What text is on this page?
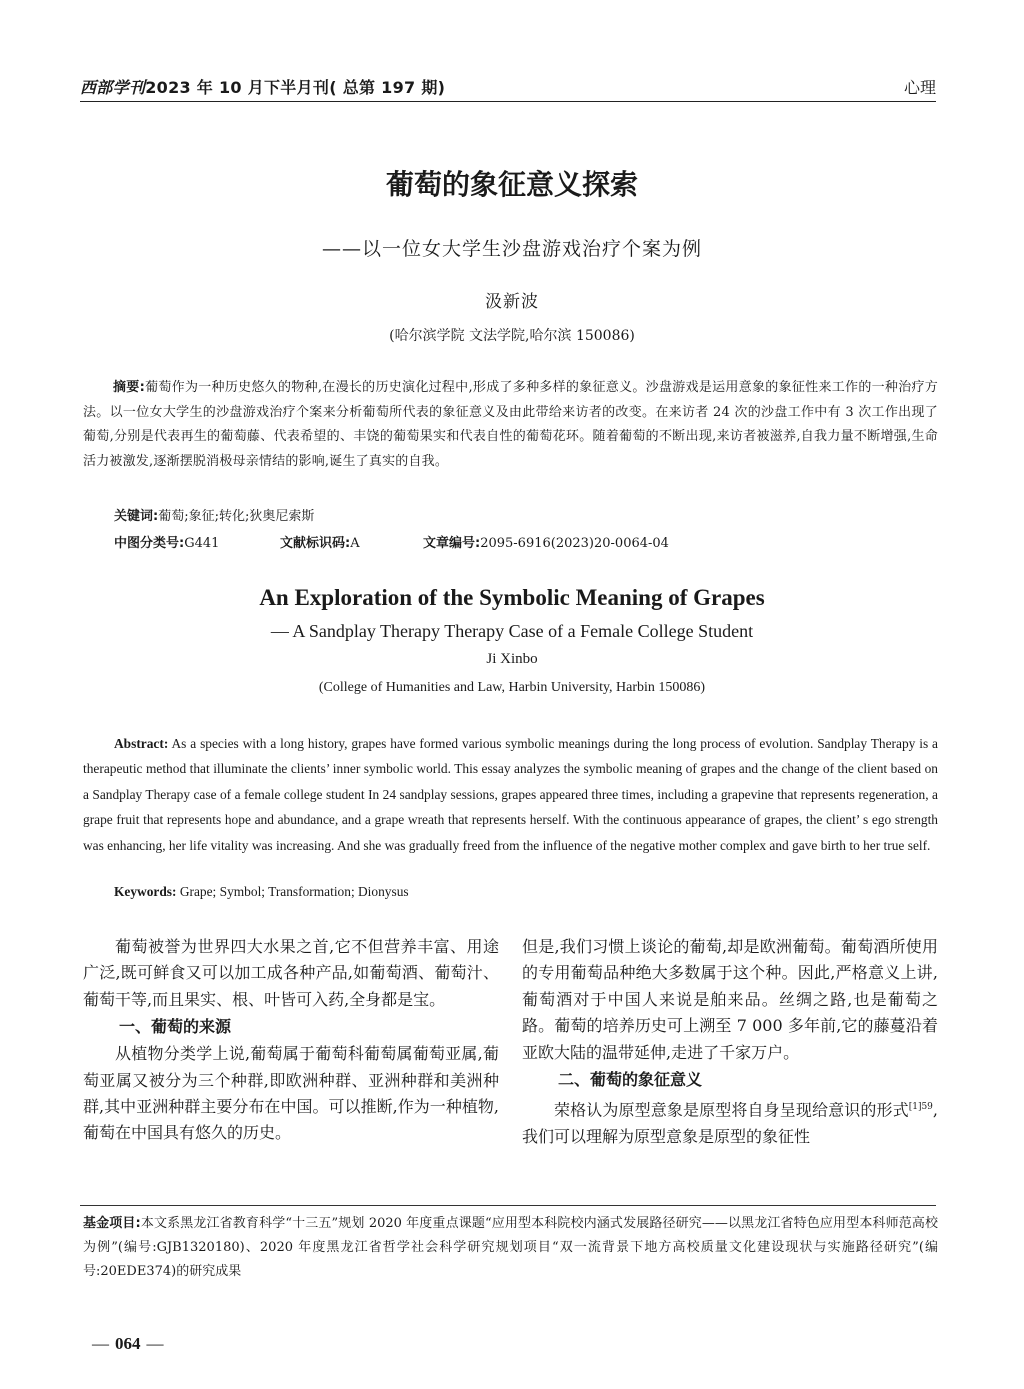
西部学刊2023 年 10 月下半月刊( 总第 197 期)	心理
葡萄的象征意义探索
——以一位女大学生沙盘游戏治疗个案为例
汲新波
(哈尔滨学院 文法学院,哈尔滨 150086)
摘要:葡萄作为一种历史悠久的物种,在漫长的历史演化过程中,形成了多种多样的象征意义。沙盘游戏是运用意象的象征性来工作的一种治疗方法。以一位女大学生的沙盘游戏治疗个案来分析葡萄所代表的象征意义及由此带给来访者的改变。在来访者 24 次的沙盘工作中有 3 次工作出现了葡萄,分别是代表再生的葡萄藤、代表希望的、丰饶的葡萄果实和代表自性的葡萄花环。随着葡萄的不断出现,来访者被滋养,自我力量不断增强,生命活力被激发,逐渐摆脱消极母亲情结的影响,诞生了真实的自我。
关键词:葡萄;象征;转化;狄奥尼索斯
中图分类号:G441	文献标识码:A	文章编号:2095-6916(2023)20-0064-04
An Exploration of the Symbolic Meaning of Grapes
— A Sandplay Therapy Therapy Case of a Female College Student
Ji Xinbo
(College of Humanities and Law, Harbin University, Harbin 150086)
Abstract: As a species with a long history, grapes have formed various symbolic meanings during the long process of evolution. Sandplay Therapy is a therapeutic method that illuminate the clients’ inner symbolic world. This essay analyzes the symbolic meaning of grapes and the change of the client based on a Sandplay Therapy case of a female college student In 24 sandplay sessions, grapes appeared three times, including a grapevine that represents regeneration, a grape fruit that represents hope and abundance, and a grape wreath that represents herself. With the continuous appearance of grapes, the client’ s ego strength was enhancing, her life vitality was increasing. And she was gradually freed from the influence of the negative mother complex and gave birth to her true self.
Keywords: Grape; Symbol; Transformation; Dionysus

葡萄被誉为世界四大水果之首,它不但营养丰富、用途广泛,既可鲜食又可以加工成各种产品,如葡萄酒、葡萄汁、葡萄干等,而且果实、根、叶皆可入药,全身都是宝。

一、葡萄的来源

从植物分类学上说,葡萄属于葡萄科葡萄属葡萄亚属,葡萄亚属又被分为三个种群,即欧洲种群、亚洲种群和美洲种群,其中亚洲种群主要分布在中国。可以推断,作为一种植物,葡萄在中国具有悠久的历史。

但是,我们习惯上谈论的葡萄,却是欧洲葡萄。葡萄酒所使用的专用葡萄品种绝大多数属于这个种。因此,严格意义上讲,葡萄酒对于中国人来说是舶来品。丝绸之路,也是葡萄之路。葡萄的培养历史可上溯至 7 000 多年前,它的藤蔓沿着亚欧大陆的温带延伸,走进了千家万户。

二、葡萄的象征意义

荣格认为原型意象是原型将自身呈现给意识的形式$^{[1]59}$,我们可以理解为原型意象是原型的象征性

基金项目:本文系黑龙江省教育科学“十三五”规划 2020 年度重点课题“应用型本科院校内涵式发展路径研究——以黑龙江省特色应用型本科师范高校为例”(编号:GJB1320180)、2020 年度黑龙江省哲学社会科学研究规划项目“双一流背景下地方高校质量文化建设现状与实施路径研究”(编号:20EDE374)的研究成果
— 064 —
